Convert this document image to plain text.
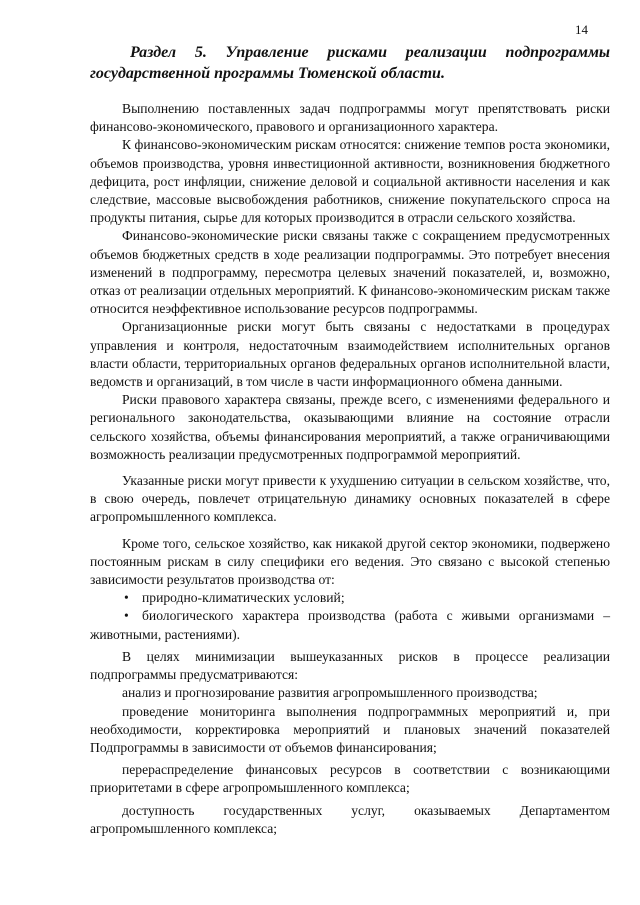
14
Раздел 5. Управление рисками реализации подпрограммы
государственной программы Тюменской области.

Выполнению поставленных задач подпрограммы могут препятствовать риски финансово-экономического, правового и организационного характера.

К финансово-экономическим рискам относятся: снижение темпов роста экономики, объемов производства, уровня инвестиционной активности, возникновения бюджетного дефицита, рост инфляции, снижение деловой и социальной активности населения и как следствие, массовые высвобождения работников, снижение покупательского спроса на продукты питания, сырье для которых производится в отрасли сельского хозяйства.

Финансово-экономические риски связаны также с сокращением предусмотренных объемов бюджетных средств в ходе реализации подпрограммы. Это потребует внесения изменений в подпрограмму, пересмотра целевых значений показателей, и, возможно, отказ от реализации отдельных мероприятий. К финансово-экономическим рискам также относится неэффективное использование ресурсов подпрограммы.

Организационные риски могут быть связаны с недостатками в процедурах управления и контроля, недостаточным взаимодействием исполнительных органов власти области, территориальных органов федеральных органов исполнительной власти, ведомств и организаций, в том числе в части информационного обмена данными.

Риски правового характера связаны, прежде всего, с изменениями федерального и регионального законодательства, оказывающими влияние на состояние отрасли сельского хозяйства, объемы финансирования мероприятий, а также ограничивающими возможность реализации предусмотренных подпрограммой мероприятий.

Указанные риски могут привести к ухудшению ситуации в сельском хозяйстве, что, в свою очередь, повлечет отрицательную динамику основных показателей в сфере агропромышленного комплекса.

Кроме того, сельское хозяйство, как никакой другой сектор экономики, подвержено постоянным рискам в силу специфики его ведения. Это связано с высокой степенью зависимости результатов производства от:

• природно-климатических условий;
• биологического характера производства (работа с живыми организмами – животными, растениями).

В целях минимизации вышеуказанных рисков в процессе реализации подпрограммы предусматриваются:

анализ и прогнозирование развития агропромышленного производства;

проведение мониторинга выполнения подпрограммных мероприятий и, при необходимости, корректировка мероприятий и плановых значений показателей Подпрограммы в зависимости от объемов финансирования;

перераспределение финансовых ресурсов в соответствии с возникающими приоритетами в сфере агропромышленного комплекса;

доступность государственных услуг, оказываемых Департаментом агропромышленного комплекса;
